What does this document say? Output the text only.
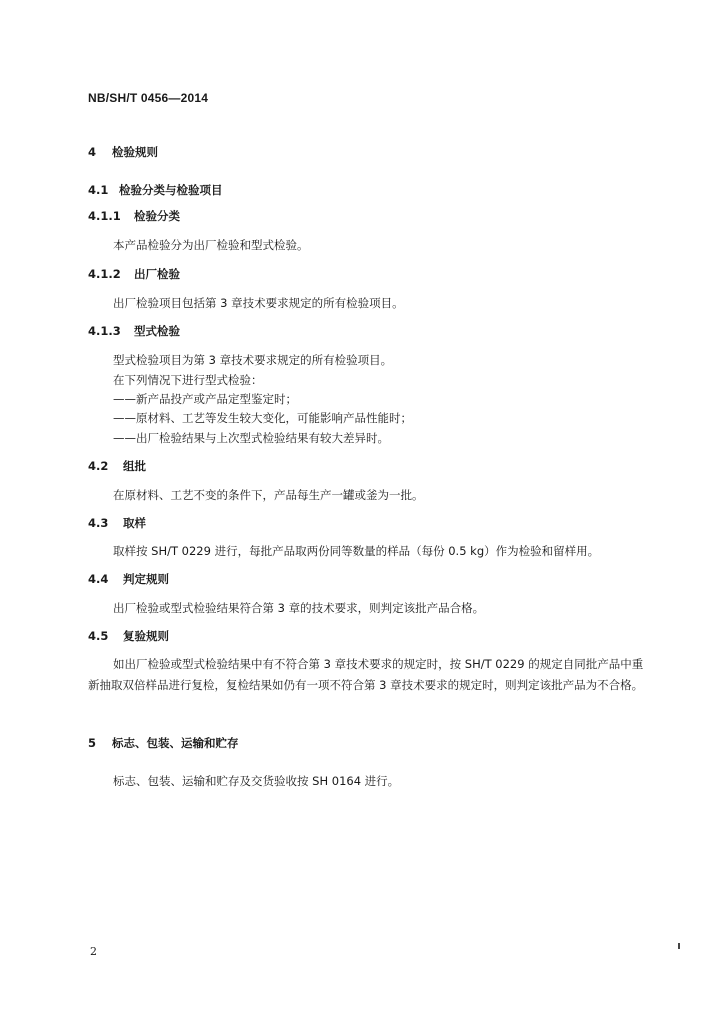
NB/SH/T 0456—2014
4 检验规则
4.1 检验分类与检验项目
4.1.1 检验分类
本产品检验分为出厂检验和型式检验。
4.1.2 出厂检验
出厂检验项目包括第 3 章技术要求规定的所有检验项目。
4.1.3 型式检验
型式检验项目为第 3 章技术要求规定的所有检验项目。
在下列情况下进行型式检验：
——新产品投产或产品定型鉴定时；
——原材料、工艺等发生较大变化，可能影响产品性能时；
——出厂检验结果与上次型式检验结果有较大差异时。
4.2 组批
在原材料、工艺不变的条件下，产品每生产一罐或釜为一批。
4.3 取样
取样按 SH/T 0229 进行，每批产品取两份同等数量的样品（每份 0.5 kg）作为检验和留样用。
4.4 判定规则
出厂检验或型式检验结果符合第 3 章的技术要求，则判定该批产品合格。
4.5 复验规则
如出厂检验或型式检验结果中有不符合第 3 章技术要求的规定时，按 SH/T 0229 的规定自同批产品中重新抽取双倍样品进行复检，复检结果如仍有一项不符合第 3 章技术要求的规定时，则判定该批产品为不合格。
5 标志、包装、运输和贮存
标志、包装、运输和贮存及交货验收按 SH 0164 进行。
2
